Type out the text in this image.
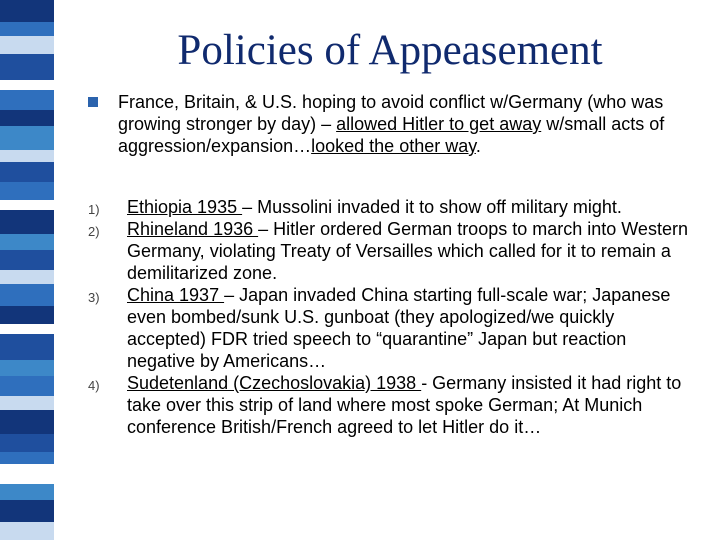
Policies of Appeasement
France, Britain, & U.S. hoping to avoid conflict w/Germany (who was growing stronger by day) – allowed Hitler to get away w/small acts of aggression/expansion…looked the other way.
1) Ethiopia 1935 – Mussolini invaded it to show off military might.
2) Rhineland 1936 – Hitler ordered German troops to march into Western Germany, violating Treaty of Versailles which called for it to remain a demilitarized zone.
3) China 1937 – Japan invaded China starting full-scale war; Japanese even bombed/sunk U.S. gunboat (they apologized/we quickly accepted) FDR tried speech to “quarantine” Japan but reaction negative by Americans…
4) Sudetenland (Czechoslovakia) 1938 - Germany insisted it had right to take over this strip of land where most spoke German; At Munich conference British/French agreed to let Hitler do it…
